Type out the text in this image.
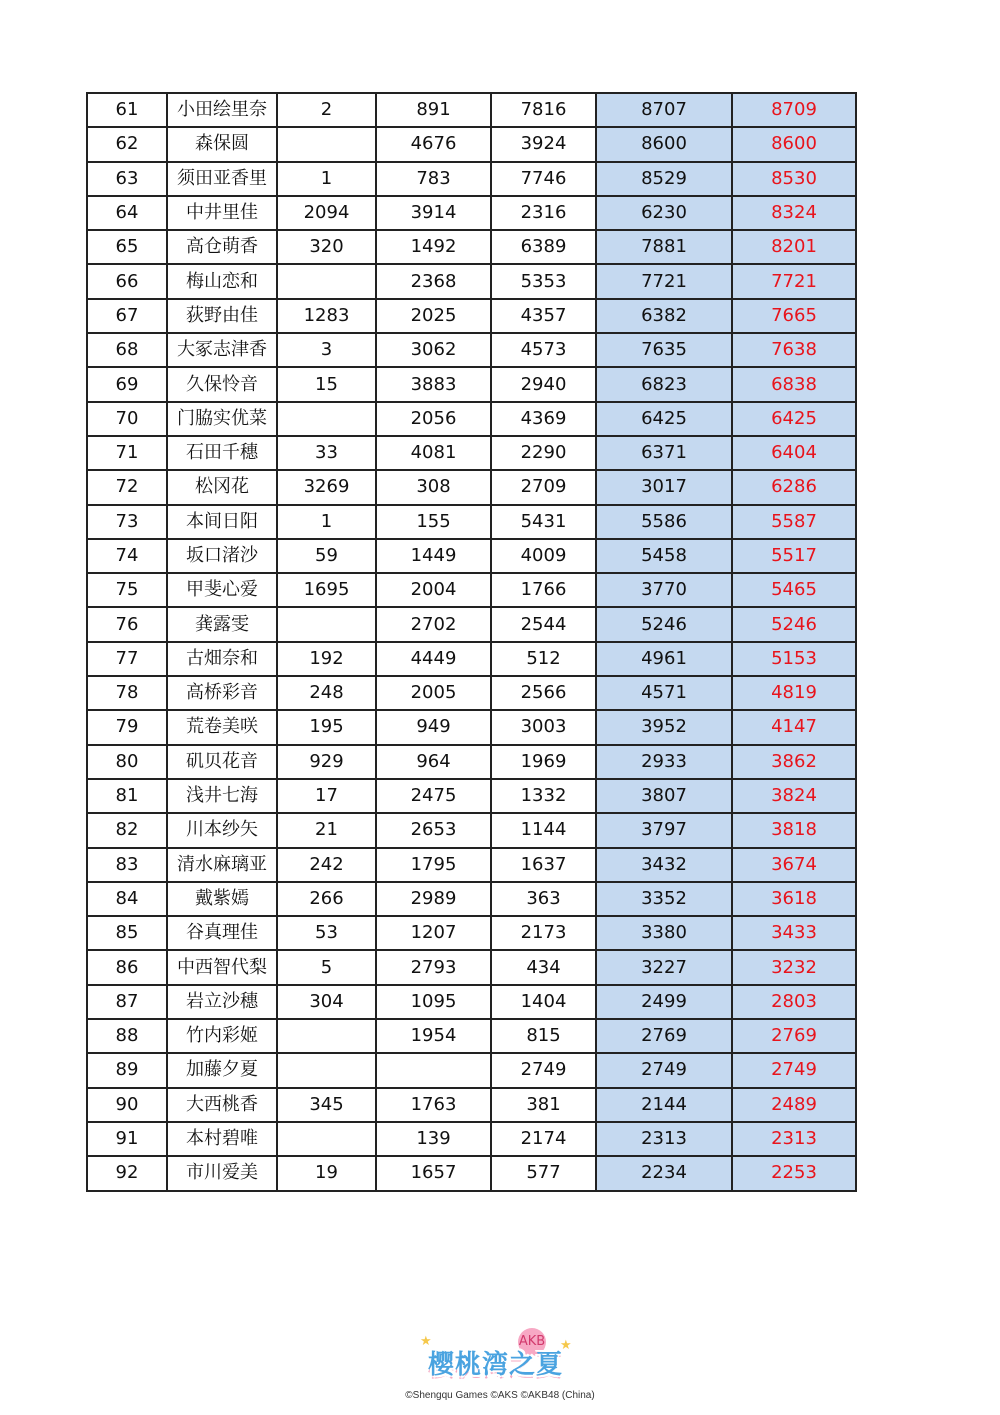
61	小田绘里奈	2	891	7816	8707	8709
62	森保圆		4676	3924	8600	8600
63	须田亚香里	1	783	7746	8529	8530
64	中井里佳	2094	3914	2316	6230	8324
65	高仓萌香	320	1492	6389	7881	8201
66	梅山恋和		2368	5353	7721	7721
67	荻野由佳	1283	2025	4357	6382	7665
68	大冢志津香	3	3062	4573	7635	7638
69	久保怜音	15	3883	2940	6823	6838
70	门脇实优菜		2056	4369	6425	6425
71	石田千穗	33	4081	2290	6371	6404
72	松冈花	3269	308	2709	3017	6286
73	本间日阳	1	155	5431	5586	5587
74	坂口渚沙	59	1449	4009	5458	5517
75	甲斐心爱	1695	2004	1766	3770	5465
76	龚露雯		2702	2544	5246	5246
77	古畑奈和	192	4449	512	4961	5153
78	高桥彩音	248	2005	2566	4571	4819
79	荒卷美咲	195	949	3003	3952	4147
80	矶贝花音	929	964	1969	2933	3862
81	浅井七海	17	2475	1332	3807	3824
82	川本纱矢	21	2653	1144	3797	3818
83	清水麻璃亚	242	1795	1637	3432	3674
84	戴紫嫣	266	2989	363	3352	3618
85	谷真理佳	53	1207	2173	3380	3433
86	中西智代梨	5	2793	434	3227	3232
87	岩立沙穗	304	1095	1404	2499	2803
88	竹内彩姬		1954	815	2769	2769
89	加藤夕夏			2749	2749	2749
90	大西桃香	345	1763	381	2144	2489
91	本村碧唯		139	2174	2313	2313
92	市川爱美	19	1657	577	2234	2253
★	★
AKB
樱桃湾之夏
©Shengqu Games ©AKS ©AKB48 (China)
